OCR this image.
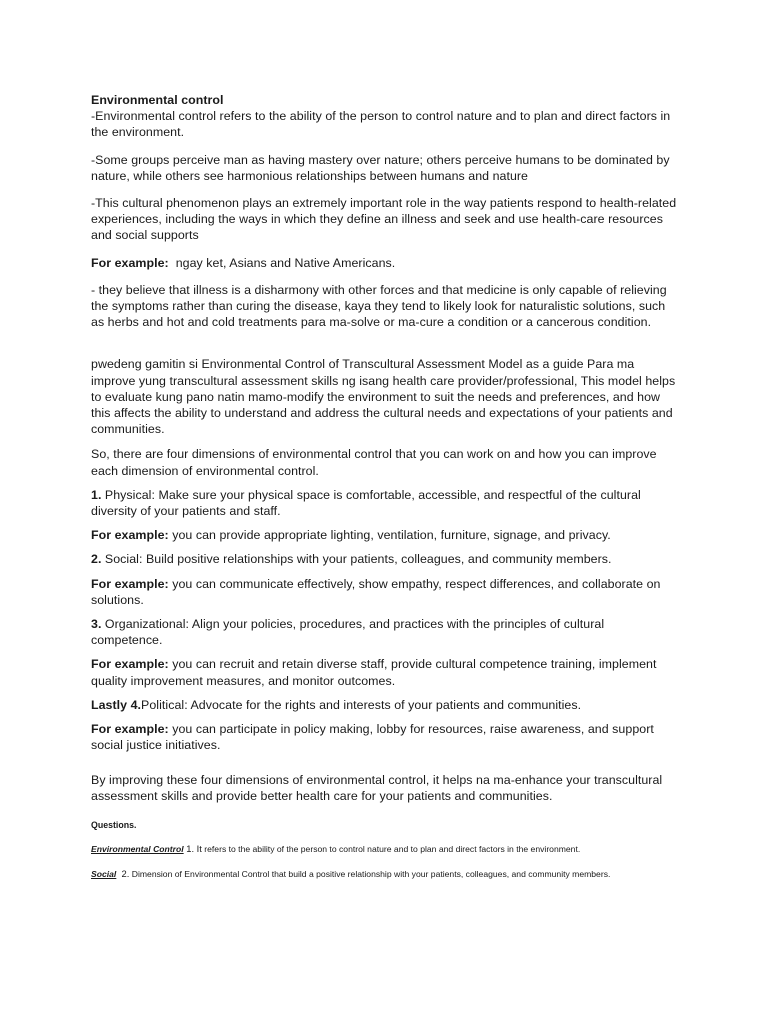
Environmental control

-Environmental control refers to the ability of the person to control nature and to plan and direct factors in the environment.

-Some groups perceive man as having mastery over nature; others perceive humans to be dominated by nature, while others see harmonious relationships between humans and nature

-This cultural phenomenon plays an extremely important role in the way patients respond to health-related experiences, including the ways in which they define an illness and seek and use health-care resources and social supports

For example:  ngay ket, Asians and Native Americans.

- they believe that illness is a disharmony with other forces and that medicine is only capable of relieving the symptoms rather than curing the disease, kaya they tend to likely look for naturalistic solutions, such as herbs and hot and cold treatments para ma-solve or ma-cure a condition or a cancerous condition.

pwedeng gamitin si Environmental Control of Transcultural Assessment Model as a guide Para ma improve yung transcultural assessment skills ng isang health care provider/professional, This model helps to evaluate kung pano natin mamo-modify the environment to suit the needs and preferences, and how this affects the ability to understand and address the cultural needs and expectations of your patients and communities.

So, there are four dimensions of environmental control that you can work on and how you can improve each dimension of environmental control.

1. Physical: Make sure your physical space is comfortable, accessible, and respectful of the cultural diversity of your patients and staff.

For example: you can provide appropriate lighting, ventilation, furniture, signage, and privacy.

2. Social: Build positive relationships with your patients, colleagues, and community members.

For example: you can communicate effectively, show empathy, respect differences, and collaborate on solutions.

3. Organizational: Align your policies, procedures, and practices with the principles of cultural competence.

For example: you can recruit and retain diverse staff, provide cultural competence training, implement quality improvement measures, and monitor outcomes.

Lastly 4.Political: Advocate for the rights and interests of your patients and communities.

For example: you can participate in policy making, lobby for resources, raise awareness, and support social justice initiatives.

By improving these four dimensions of environmental control, it helps na ma-enhance your transcultural assessment skills and provide better health care for your patients and communities.

Questions.

Environmental Control 1. It refers to the ability of the person to control nature and to plan and direct factors in the environment.

Social  2. Dimension of Environmental Control that build a positive relationship with your patients, colleagues, and community members.
